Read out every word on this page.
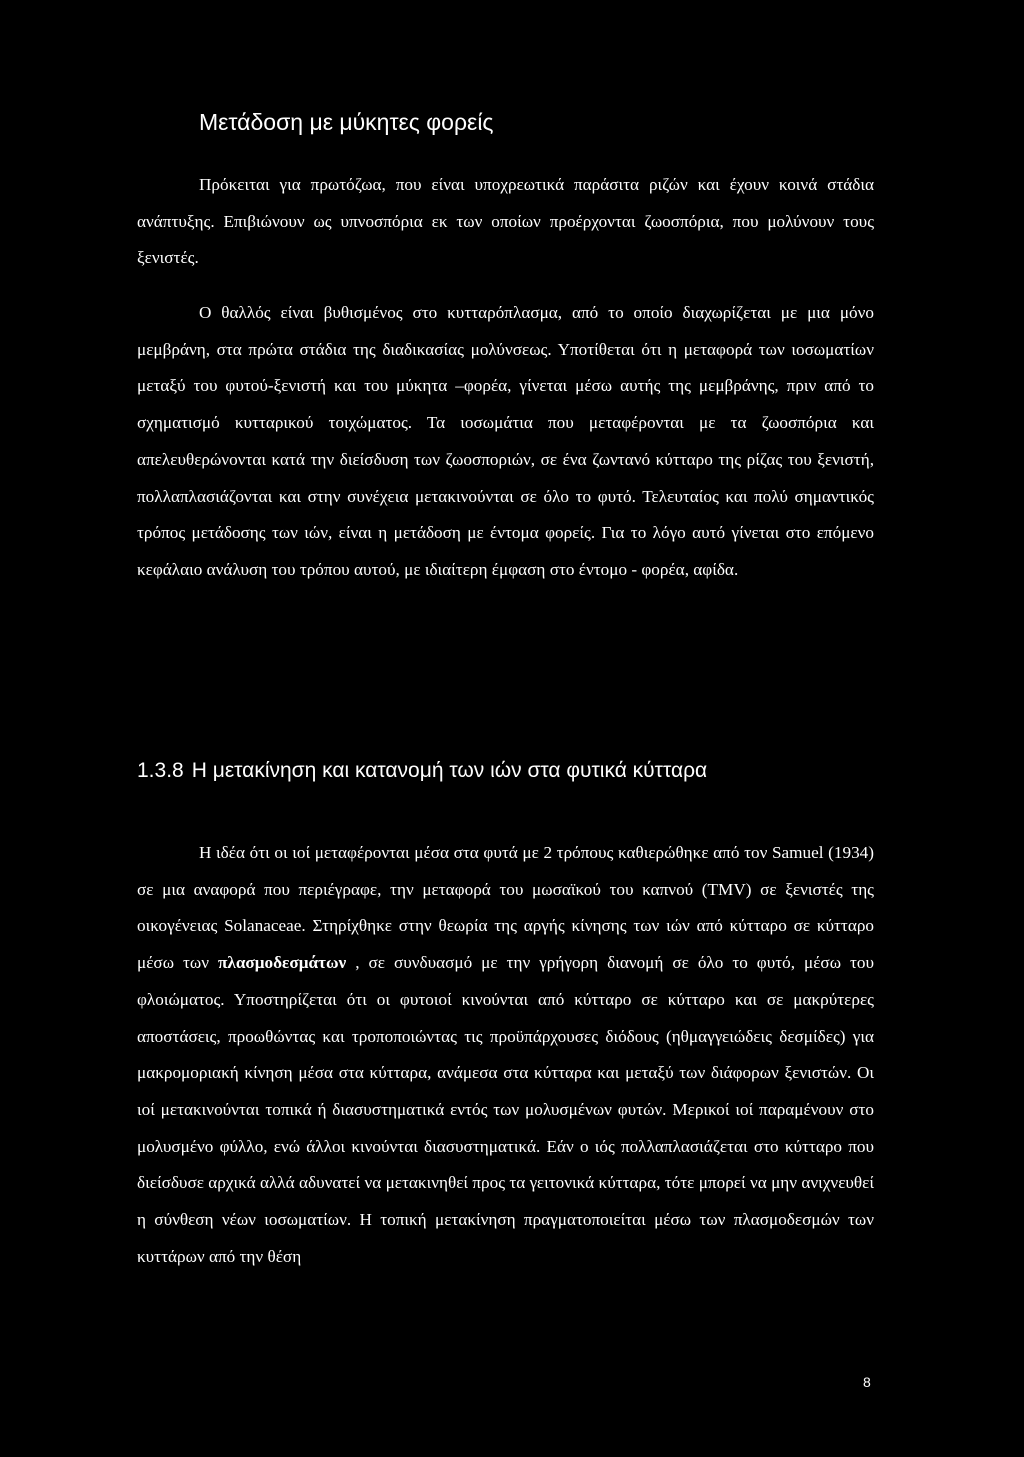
Μετάδοση με μύκητες φορείς

Πρόκειται για πρωτόζωα, που είναι υποχρεωτικά παράσιτα ριζών και έχουν κοινά στάδια ανάπτυξης. Επιβιώνουν ως υπνοσπόρια εκ των οποίων προέρχονται ζωοσπόρια, που μολύνουν τους ξενιστές.

Ο θαλλός είναι βυθισμένος στο κυτταρόπλασμα, από το οποίο διαχωρίζεται με μια μόνο μεμβράνη, στα πρώτα στάδια της διαδικασίας μολύνσεως. Υποτίθεται ότι η μεταφορά των ιοσωματίων μεταξύ του φυτού-ξενιστή και του μύκητα –φορέα, γίνεται μέσω αυτής της μεμβράνης, πριν από το σχηματισμό κυτταρικού τοιχώματος. Τα ιοσωμάτια που μεταφέρονται με τα ζωοσπόρια και απελευθερώνονται κατά την διείσδυση των ζωοσποριών, σε ένα ζωντανό κύτταρο της ρίζας του ξενιστή, πολλαπλασιάζονται και στην συνέχεια μετακινούνται σε όλο το φυτό. Τελευταίος και πολύ σημαντικός τρόπος μετάδοσης των ιών, είναι η μετάδοση με έντομα φορείς. Για το λόγο αυτό γίνεται στο επόμενο κεφάλαιο ανάλυση του τρόπου αυτού, με ιδιαίτερη έμφαση στο έντομο - φορέα, αφίδα.

1.3.8 Η μετακίνηση και κατανομή των ιών στα φυτικά κύτταρα

Η ιδέα ότι οι ιοί μεταφέρονται μέσα στα φυτά με 2 τρόπους καθιερώθηκε από τον Samuel (1934) σε μια αναφορά που περιέγραφε, την μεταφορά του μωσαϊκού του καπνού (TMV) σε ξενιστές της οικογένειας Solanaceae. Στηρίχθηκε στην θεωρία της αργής κίνησης των ιών από κύτταρο σε κύτταρο μέσω των πλασμοδεσμάτων , σε συνδυασμό με την γρήγορη διανομή σε όλο το φυτό, μέσω του φλοιώματος. Υποστηρίζεται ότι οι φυτοιοί κινούνται από κύτταρο σε κύτταρο και σε μακρύτερες αποστάσεις, προωθώντας και τροποποιώντας τις προϋπάρχουσες διόδους (ηθμαγγειώδεις δεσμίδες) για μακρομοριακή κίνηση μέσα στα κύτταρα, ανάμεσα στα κύτταρα και μεταξύ των διάφορων ξενιστών. Οι ιοί μετακινούνται τοπικά ή διασυστηματικά εντός των μολυσμένων φυτών. Μερικοί ιοί παραμένουν στο μολυσμένο φύλλο, ενώ άλλοι κινούνται διασυστηματικά. Εάν ο ιός πολλαπλασιάζεται στο κύτταρο που διείσδυσε αρχικά αλλά αδυνατεί να μετακινηθεί προς τα γειτονικά κύτταρα, τότε μπορεί να μην ανιχνευθεί η σύνθεση νέων ιοσωματίων. Η τοπική μετακίνηση πραγματοποιείται μέσω των πλασμοδεσμών των κυττάρων από την θέση

8
